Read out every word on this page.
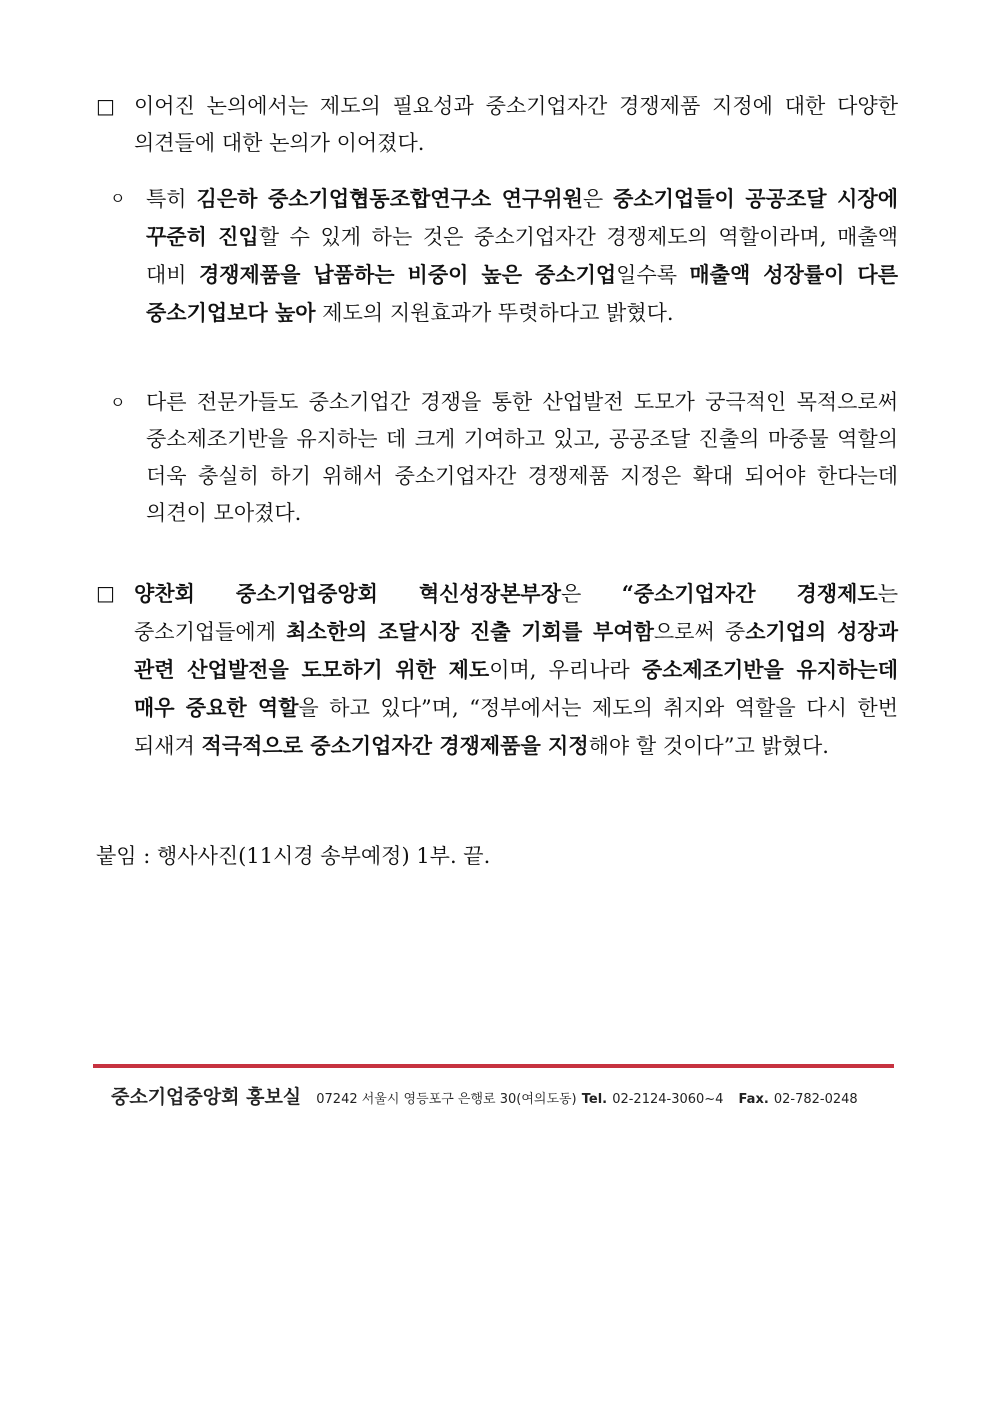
□ 이어진 논의에서는 제도의 필요성과 중소기업자간 경쟁제품 지정에 대한 다양한 의견들에 대한 논의가 이어졌다.
ㅇ 특히 김은하 중소기업협동조합연구소 연구위원은 중소기업들이 공공조달 시장에 꾸준히 진입할 수 있게 하는 것은 중소기업자간 경쟁제도의 역할이라며, 매출액 대비 경쟁제품을 납품하는 비중이 높은 중소기업일수록 매출액 성장률이 다른 중소기업보다 높아 제도의 지원효과가 뚜렷하다고 밝혔다.
ㅇ 다른 전문가들도 중소기업간 경쟁을 통한 산업발전 도모가 궁극적인 목적으로써 중소제조기반을 유지하는 데 크게 기여하고 있고, 공공조달 진출의 마중물 역할의 더욱 충실히 하기 위해서 중소기업자간 경쟁제품 지정은 확대 되어야 한다는데 의견이 모아졌다.
□ 양찬회 중소기업중앙회 혁신성장본부장은 “중소기업자간 경쟁제도는 중소기업들에게 최소한의 조달시장 진출 기회를 부여함으로써 중소기업의 성장과 관련 산업발전을 도모하기 위한 제도이며, 우리나라 중소제조기반을 유지하는데 매우 중요한 역할을 하고 있다”며, “정부에서는 제도의 취지와 역할을 다시 한번 되새겨 적극적으로 중소기업자간 경쟁제품을 지정해야 할 것이다”고 밝혔다.
붙임 : 행사사진(11시경 송부예정) 1부. 끝.
중소기업중앙회 홍보실 07242 서울시 영등포구 은행로 30(여의도동) Tel. 02-2124-3060~4 Fax. 02-782-0248
